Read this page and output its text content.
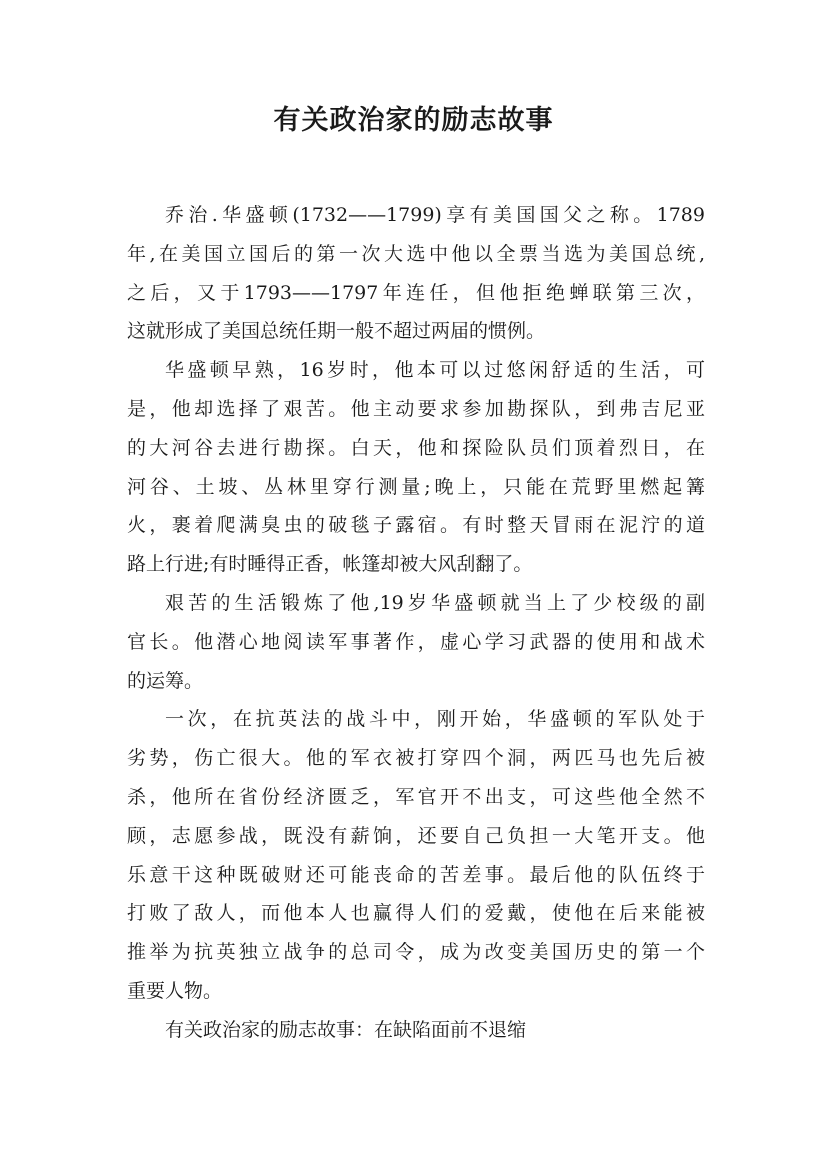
有关政治家的励志故事
乔治.华盛顿(1732——1799)享有美国国父之称。1789
年,在美国立国后的第一次大选中他以全票当选为美国总统,
之后，又于1793——1797年连任，但他拒绝蝉联第三次，
这就形成了美国总统任期一般不超过两届的惯例。
华盛顿早熟，16岁时，他本可以过悠闲舒适的生活，可
是，他却选择了艰苦。他主动要求参加勘探队，到弗吉尼亚
的大河谷去进行勘探。白天，他和探险队员们顶着烈日，在
河谷、土坡、丛林里穿行测量;晚上，只能在荒野里燃起篝
火，裹着爬满臭虫的破毯子露宿。有时整天冒雨在泥泞的道
路上行进;有时睡得正香，帐篷却被大风刮翻了。
艰苦的生活锻炼了他,19岁华盛顿就当上了少校级的副
官长。他潜心地阅读军事著作，虚心学习武器的使用和战术
的运筹。
一次，在抗英法的战斗中，刚开始，华盛顿的军队处于
劣势，伤亡很大。他的军衣被打穿四个洞，两匹马也先后被
杀，他所在省份经济匮乏，军官开不出支，可这些他全然不
顾，志愿参战，既没有薪饷，还要自己负担一大笔开支。他
乐意干这种既破财还可能丧命的苦差事。最后他的队伍终于
打败了敌人，而他本人也赢得人们的爱戴，使他在后来能被
推举为抗英独立战争的总司令，成为改变美国历史的第一个
重要人物。
有关政治家的励志故事：在缺陷面前不退缩
